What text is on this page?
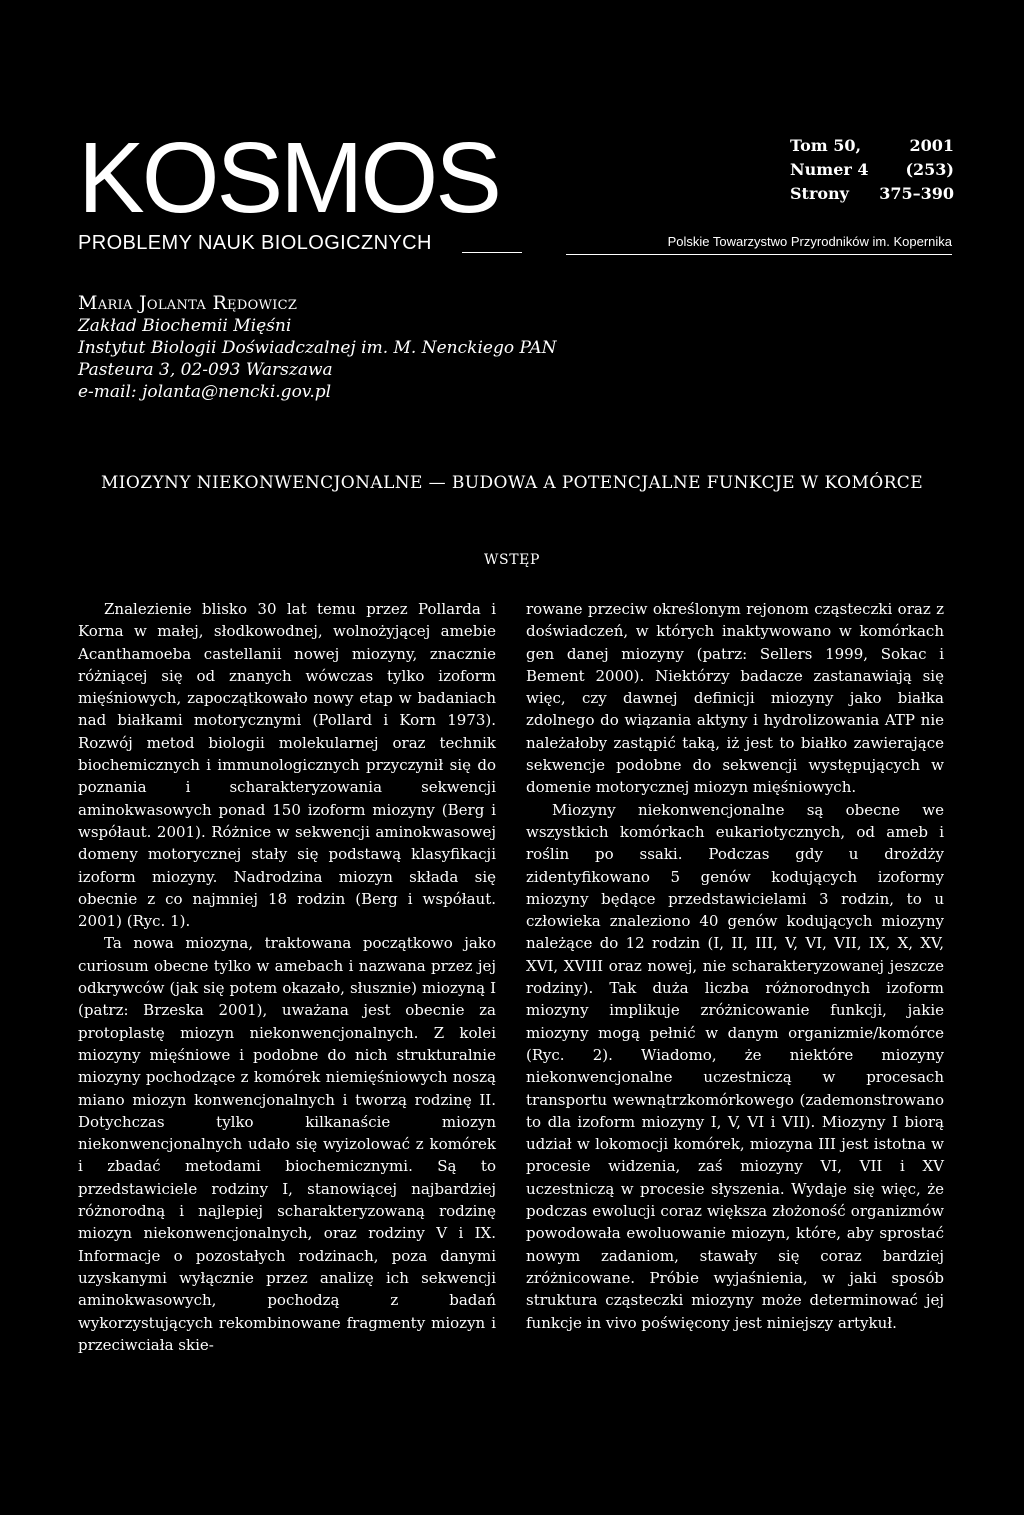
KOSMOS
PROBLEMY NAUK BIOLOGICZNYCH	Polskie Towarzystwo Przyrodników im. Kopernika
Tom 50,	2001
Numer 4 (253)
Strony 375–390
Maria Jolanta Rędowicz
Zakład Biochemii Mięśni
Instytut Biologii Doświadczalnej im. M. Nenckiego PAN
Pasteura 3, 02-093 Warszawa
e-mail: jolanta@nencki.gov.pl
MIOZYNY NIEKONWENCJONALNE — BUDOWA A POTENCJALNE FUNKCJE W KOMÓRCE
WSTĘP

Znalezienie blisko 30 lat temu przez Pollarda i Korna w małej, słodkowodnej, wolnożyjącej amebie Acanthamoeba castellanii nowej miozyny, znacznie różniącej się od znanych wówczas tylko izoform mięśniowych, zapoczątkowało nowy etap w badaniach nad białkami motorycznymi (Pollard i Korn 1973). Rozwój metod biologii molekularnej oraz technik biochemicznych i immunologicznych przyczynił się do poznania i scharakteryzowania sekwencji aminokwasowych ponad 150 izoform miozyny (Berg i współaut. 2001). Różnice w sekwencji aminokwasowej domeny motorycznej stały się podstawą klasyfikacji izoform miozyny. Nadrodzina miozyn składa się obecnie z co najmniej 18 rodzin (Berg i współaut. 2001) (Ryc. 1).

Ta nowa miozyna, traktowana początkowo jako curiosum obecne tylko w amebach i nazwana przez jej odkrywców (jak się potem okazało, słusznie) miozyną I (patrz: Brzeska 2001), uważana jest obecnie za protoplastę miozyn niekonwencjonalnych. Z kolei miozyny mięśniowe i podobne do nich strukturalnie miozyny pochodzące z komórek niemięśniowych noszą miano miozyn konwencjonalnych i tworzą rodzinę II. Dotychczas tylko kilkanaście miozyn niekonwencjonalnych udało się wyizolować z komórek i zbadać metodami biochemicznymi. Są to przedstawiciele rodziny I, stanowiącej najbardziej różnorodną i najlepiej scharakteryzowaną rodzinę miozyn niekonwencjonalnych, oraz rodziny V i IX. Informacje o pozostałych rodzinach, poza danymi uzyskanymi wyłącznie przez analizę ich sekwencji aminokwasowych, pochodzą z badań wykorzystujących rekombinowane fragmenty miozyn i przeciwciała skie-

rowane przeciw określonym rejonom cząsteczki oraz z doświadczeń, w których inaktywowano w komórkach gen danej miozyny (patrz: Sellers 1999, Sokac i Bement 2000). Niektórzy badacze zastanawiają się więc, czy dawnej definicji miozyny jako białka zdolnego do wiązania aktyny i hydrolizowania ATP nie należałoby zastąpić taką, iż jest to białko zawierające sekwencje podobne do sekwencji występujących w domenie motorycznej miozyn mięśniowych.

Miozyny niekonwencjonalne są obecne we wszystkich komórkach eukariotycznych, od ameb i roślin po ssaki. Podczas gdy u drożdży zidentyfikowano 5 genów kodujących izoformy miozyny będące przedstawicielami 3 rodzin, to u człowieka znaleziono 40 genów kodujących miozyny należące do 12 rodzin (I, II, III, V, VI, VII, IX, X, XV, XVI, XVIII oraz nowej, nie scharakteryzowanej jeszcze rodziny). Tak duża liczba różnorodnych izoform miozyny implikuje zróżnicowanie funkcji, jakie miozyny mogą pełnić w danym organizmie/komórce (Ryc. 2). Wiadomo, że niektóre miozyny niekonwencjonalne uczestniczą w procesach transportu wewnątrzkomórkowego (zademonstrowano to dla izoform miozyny I, V, VI i VII). Miozyny I biorą udział w lokomocji komórek, miozyna III jest istotna w procesie widzenia, zaś miozyny VI, VII i XV uczestniczą w procesie słyszenia. Wydaje się więc, że podczas ewolucji coraz większa złożoność organizmów powodowała ewoluowanie miozyn, które, aby sprostać nowym zadaniom, stawały się coraz bardziej zróżnicowane. Próbie wyjaśnienia, w jaki sposób struktura cząsteczki miozyny może determinować jej funkcje in vivo poświęcony jest niniejszy artykuł.
